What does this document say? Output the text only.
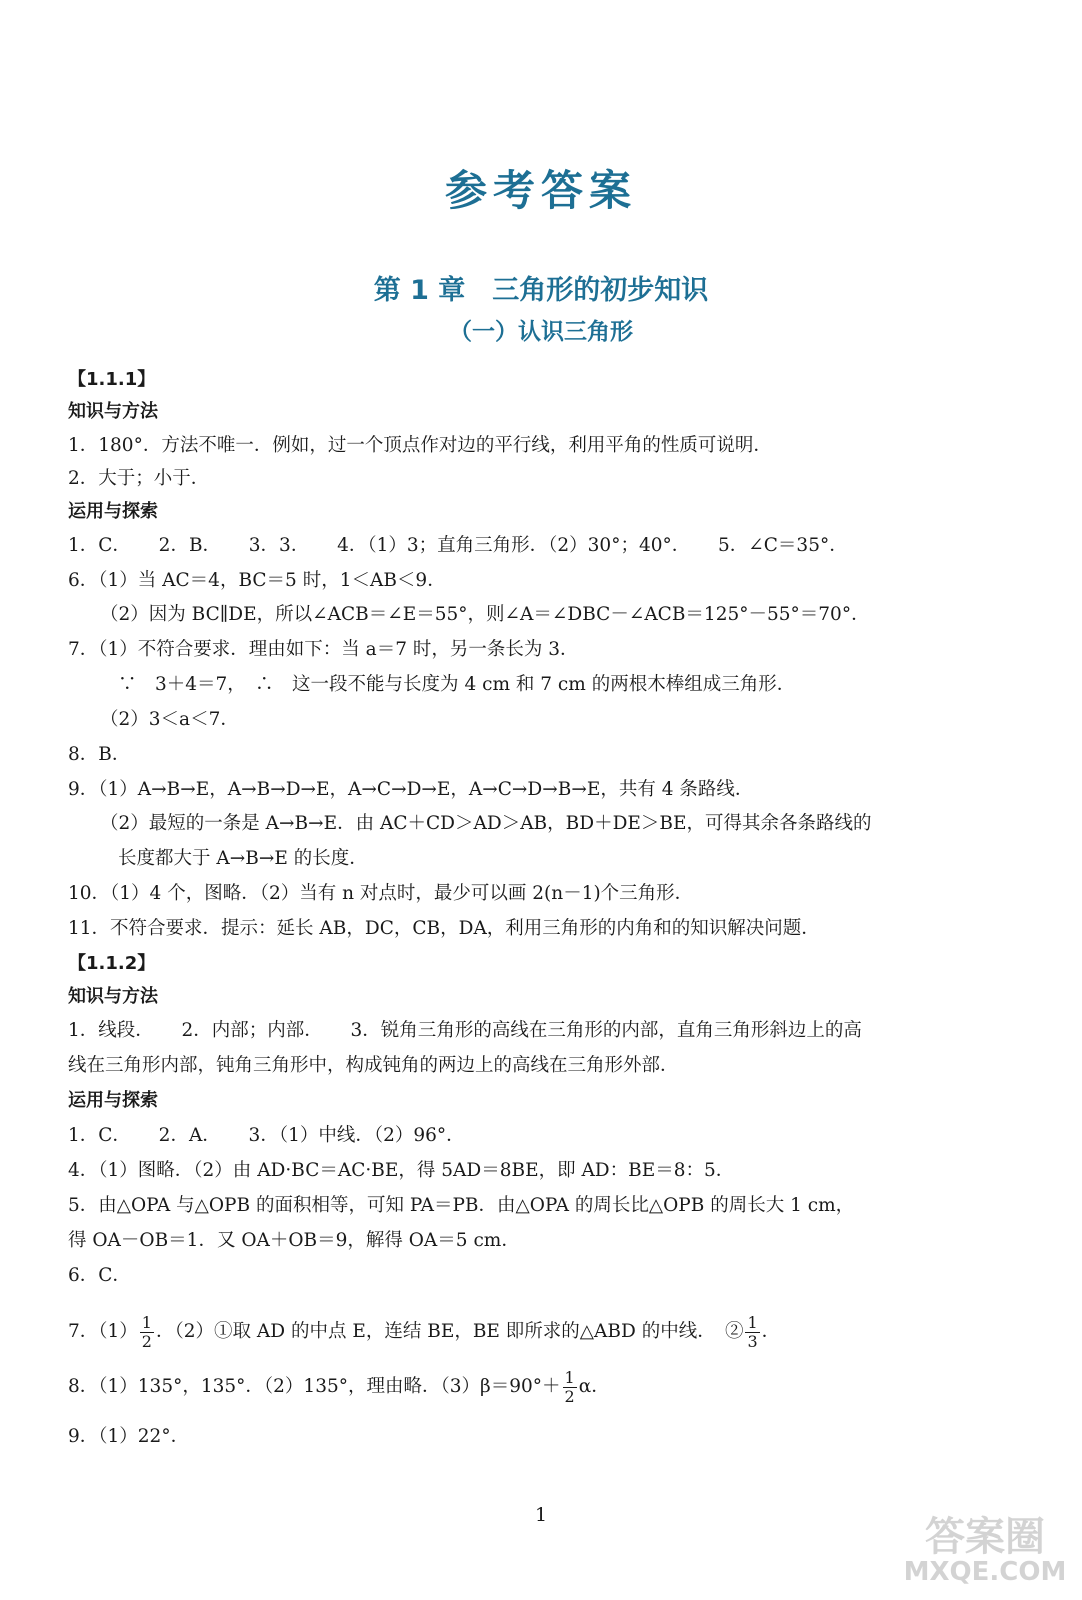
参考答案
第 1 章　三角形的初步知识
（一）认识三角形
【1.1.1】
知识与方法
1．180°．方法不唯一．例如，过一个顶点作对边的平行线，利用平角的性质可说明．
2．大于；小于．
运用与探索
1．C．　　2．B．　　3．3．　　4．（1）3；直角三角形．（2）30°；40°．　　5．∠C＝35°．
6．（1）当 AC＝4，BC＝5 时，1＜AB＜9．
（2）因为 BC∥DE，所以∠ACB＝∠E＝55°，则∠A＝∠DBC－∠ACB＝125°－55°＝70°．
7．（1）不符合要求．理由如下：当 a＝7 时，另一条长为 3．
∵　3＋4＝7，　∴　这一段不能与长度为 4 cm 和 7 cm 的两根木棒组成三角形．
（2）3＜a＜7．
8．B．
9．（1）A→B→E，A→B→D→E，A→C→D→E，A→C→D→B→E，共有 4 条路线．
（2）最短的一条是 A→B→E．由 AC＋CD＞AD＞AB，BD＋DE＞BE，可得其余各条路线的
长度都大于 A→B→E 的长度．
10．（1）4 个，图略．（2）当有 n 对点时，最少可以画 2(n－1)个三角形．
11．不符合要求．提示：延长 AB，DC，CB，DA，利用三角形的内角和的知识解决问题．
【1.1.2】
知识与方法
1．线段．　　2．内部；内部．　　3．锐角三角形的高线在三角形的内部，直角三角形斜边上的高
线在三角形内部，钝角三角形中，构成钝角的两边上的高线在三角形外部．
运用与探索
1．C．　　2．A．　　3．（1）中线．（2）96°．
4．（1）图略．（2）由 AD·BC＝AC·BE，得 5AD＝8BE，即 AD：BE＝8：5．
5．由△OPA 与△OPB 的面积相等，可知 PA＝PB．由△OPA 的周长比△OPB 的周长大 1 cm，
得 OA－OB＝1．又 OA＋OB＝9，解得 OA＝5 cm．
6．C．
7．$(1) \frac{1}{2}$ ．（2）①取 AD 的中点 E，连结 BE，BE 即所求的△ABD 的中线．　② $\frac{1}{3}$ ．
8．（1）135°，135°．（2）135°，理由略．$(3)\beta=90^\circ+ \frac{1}{2}$ α．
9．（1）22°．
1	答案圈
MXQE.COM
